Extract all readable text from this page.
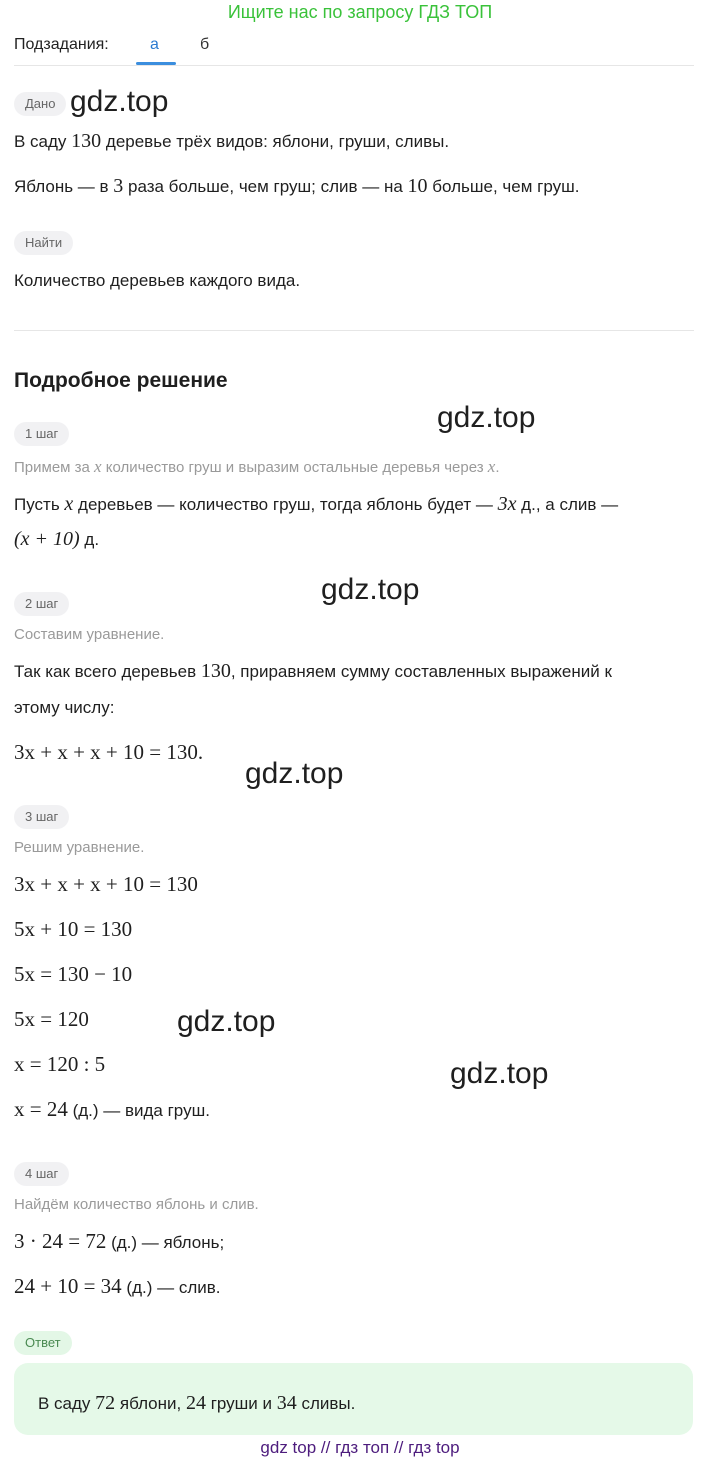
Ищите нас по запросу ГДЗ ТОП
Подзадания:	а	б
Дано
В саду 130 деревье трёх видов: яблони, груши, сливы.
Яблонь — в 3 раза больше, чем груш; слив — на 10 больше, чем груш.
Найти
Количество деревьев каждого вида.
Подробное решение
1 шаг
Примем за x количество груш и выразим остальные деревья через x.
Пусть x деревьев — количество груш, тогда яблонь будет — 3x д., а слив —
(x + 10) д.
2 шаг
Составим уравнение.
Так как всего деревьев 130, приравняем сумму составленных выражений к
этому числу:
3x + x + x + 10 = 130.
3 шаг
Решим уравнение.
3x + x + x + 10 = 130
5x + 10 = 130
5x = 130 − 10
5x = 120
x = 120 : 5
x = 24 (д.) — вида груш.
4 шаг
Найдём количество яблонь и слив.
3 · 24 = 72 (д.) — яблонь;
24 + 10 = 34 (д.) — слив.
Ответ
В саду 72 яблони, 24 груши и 34 сливы.
gdz.top
gdz.top
gdz.top
gdz.top
gdz.top
gdz.top
gdz top // гдз топ // гдз top
